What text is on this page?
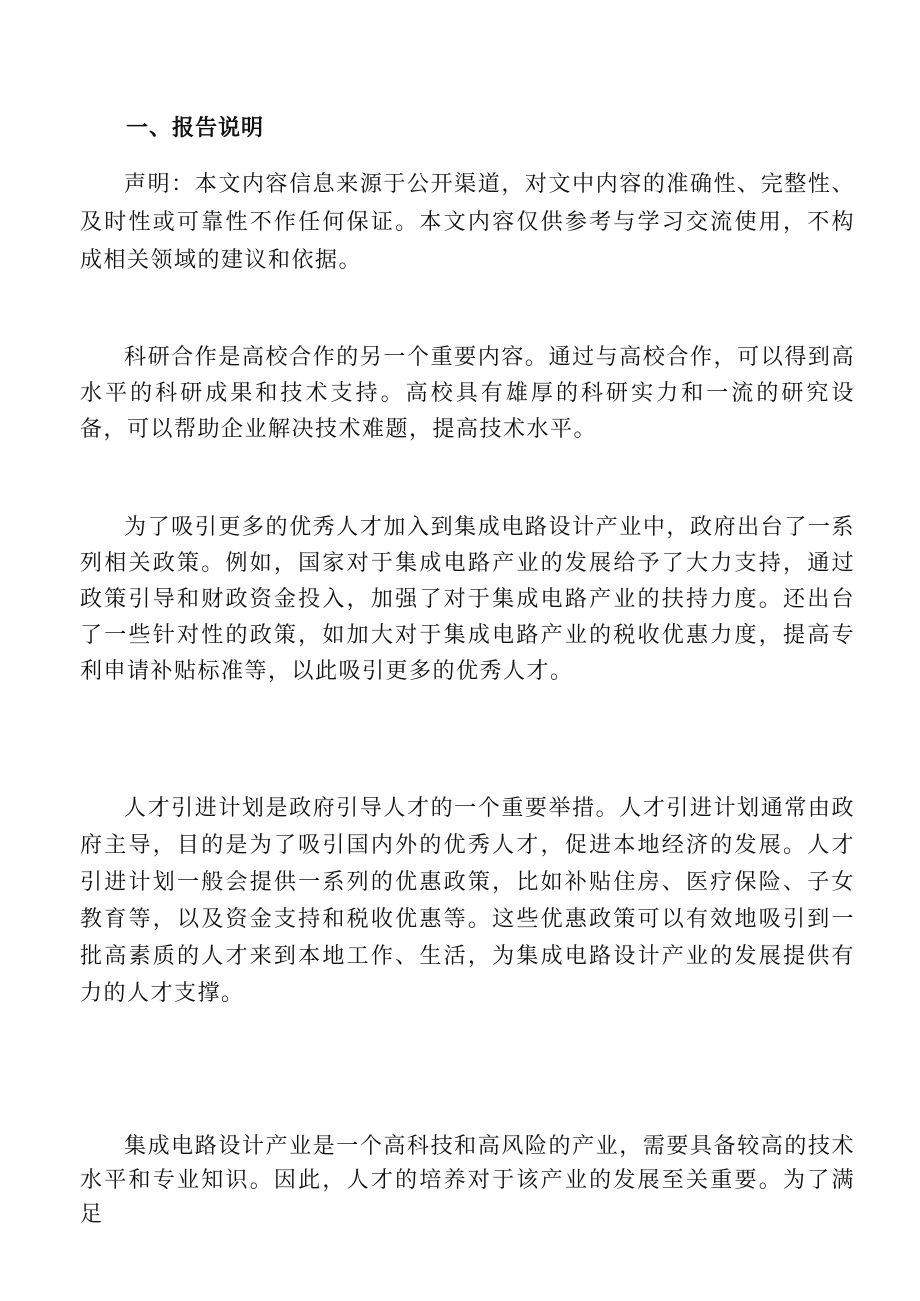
一、报告说明

声明：本文内容信息来源于公开渠道，对文中内容的准确性、完整性、及时性或可靠性不作任何保证。本文内容仅供参考与学习交流使用，不构成相关领域的建议和依据。

科研合作是高校合作的另一个重要内容。通过与高校合作，可以得到高水平的科研成果和技术支持。高校具有雄厚的科研实力和一流的研究设备，可以帮助企业解决技术难题，提高技术水平。

为了吸引更多的优秀人才加入到集成电路设计产业中，政府出台了一系列相关政策。例如，国家对于集成电路产业的发展给予了大力支持，通过政策引导和财政资金投入，加强了对于集成电路产业的扶持力度。还出台了一些针对性的政策，如加大对于集成电路产业的税收优惠力度，提高专利申请补贴标准等，以此吸引更多的优秀人才。

人才引进计划是政府引导人才的一个重要举措。人才引进计划通常由政府主导，目的是为了吸引国内外的优秀人才，促进本地经济的发展。人才引进计划一般会提供一系列的优惠政策，比如补贴住房、医疗保险、子女教育等，以及资金支持和税收优惠等。这些优惠政策可以有效地吸引到一批高素质的人才来到本地工作、生活，为集成电路设计产业的发展提供有力的人才支撑。

集成电路设计产业是一个高科技和高风险的产业，需要具备较高的技术水平和专业知识。因此，人才的培养对于该产业的发展至关重要。为了满足
